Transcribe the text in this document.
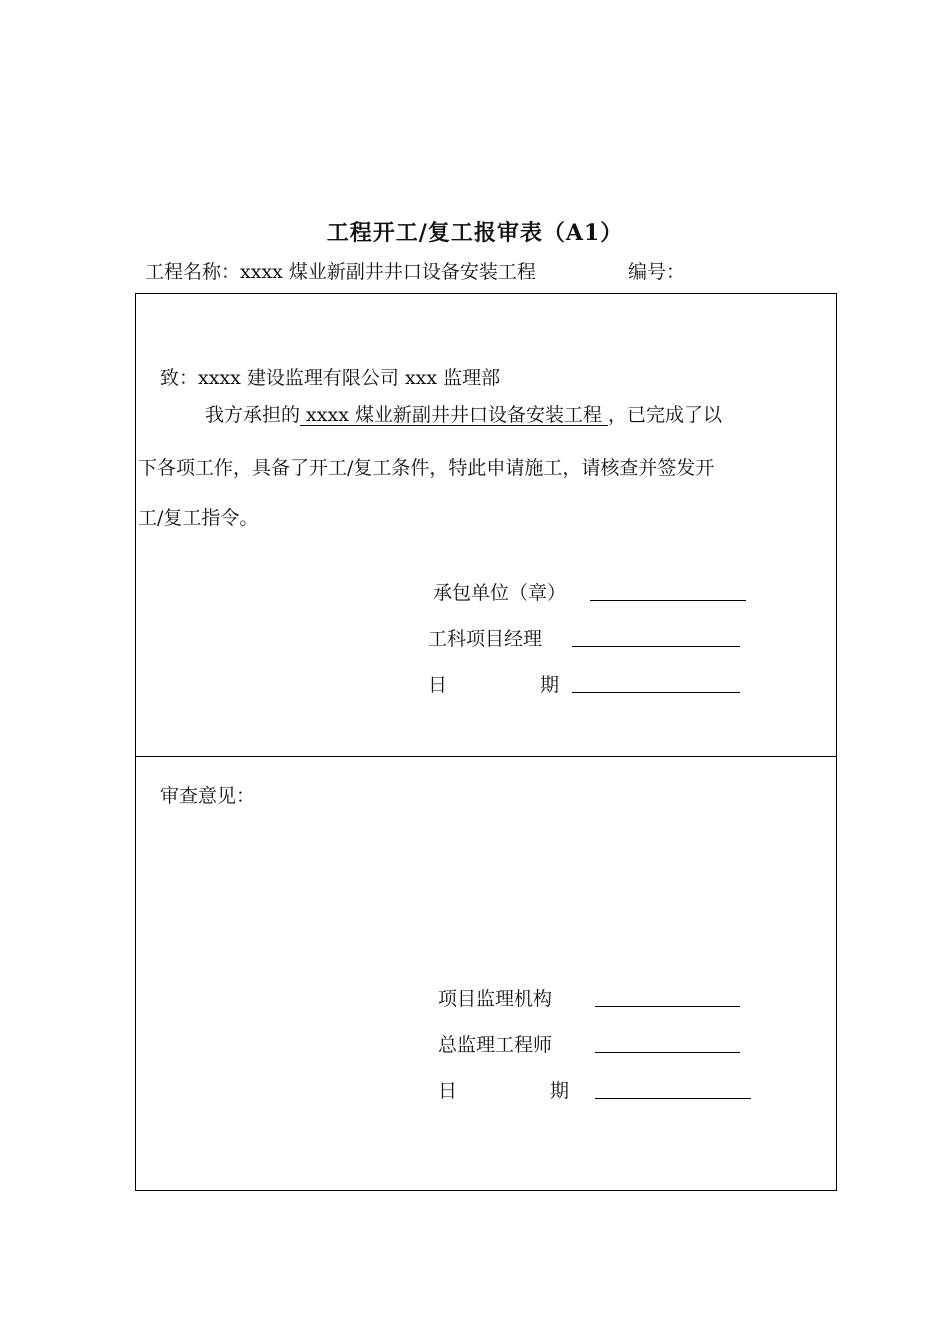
工程开工/复工报审表（A1）
工程名称：xxxx 煤业新副井井口设备安装工程	编号：
致：xxxx 建设监理有限公司 xxx 监理部
我方承担的 xxxx 煤业新副井井口设备安装工程 ，已完成了以
下各项工作，具备了开工/复工条件，特此申请施工，请核查并签发开
工/复工指令。
承包单位（章）
工科项目经理
日	期
审查意见：
项目监理机构
总监理工程师
日	期
